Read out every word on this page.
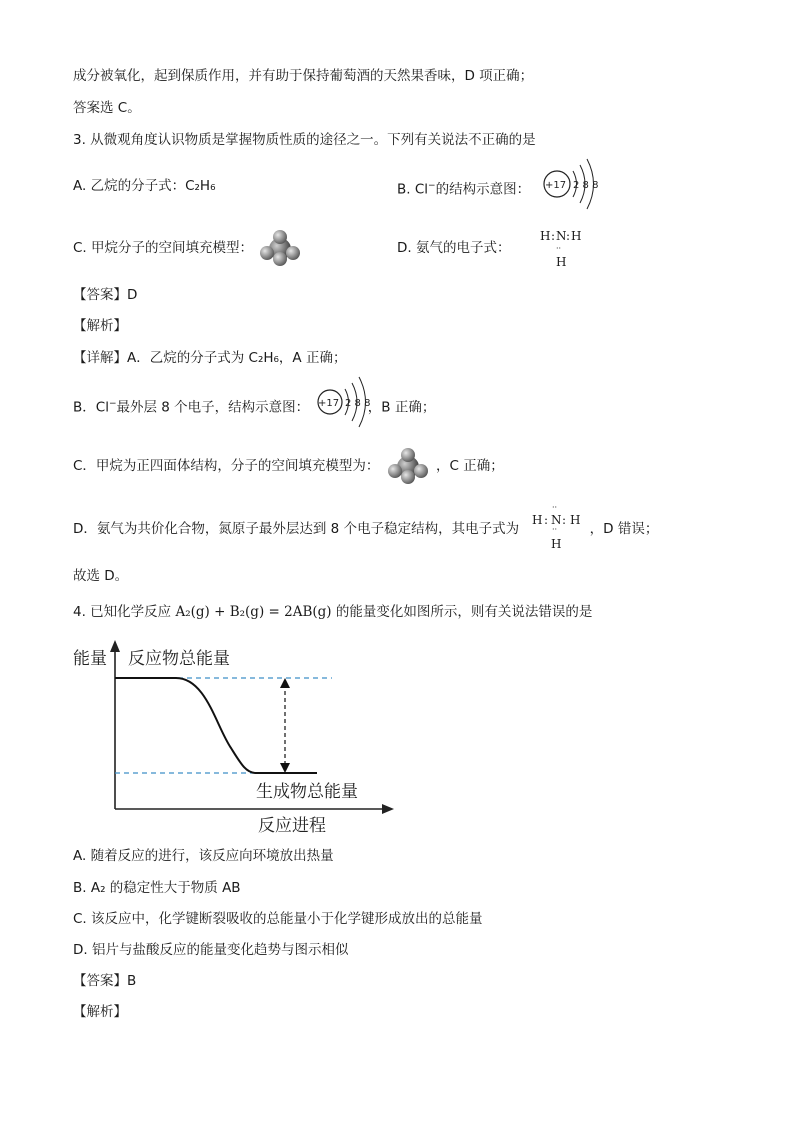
成分被氧化，起到保质作用，并有助于保持葡萄酒的天然果香味，D 项正确；
答案选 C。
3. 从微观角度认识物质是掌握物质性质的途径之一。下列有关说法不正确的是
A. 乙烷的分子式：C₂H₆	B. Cl−的结构示意图： +17 2 8 8
C. 甲烷分子的空间填充模型：	D. 氨气的电子式：
H : N : H
··
H
【答案】D
【解析】
【详解】A．乙烷的分子式为 C₂H₆，A 正确；
B．Cl−最外层 8 个电子，结构示意图：	，B 正确；
+17 2 8 8
C．甲烷为正四面体结构，分子的空间填充模型为：	，C 正确；
D．氨气为共价化合物，氮原子最外层达到 8 个电子稳定结构，其电子式为	，D 错误；
··
H : N : H
··
H
故选 D。
4. 已知化学反应 A₂(g) + B₂(g) = 2AB(g) 的能量变化如图所示，则有关说法错误的是
能量 反应物总能量
生成物总能量
反应进程
A. 随着反应的进行，该反应向环境放出热量
B. A₂ 的稳定性大于物质 AB
C. 该反应中，化学键断裂吸收的总能量小于化学键形成放出的总能量
D. 铝片与盐酸反应的能量变化趋势与图示相似
【答案】B
【解析】
